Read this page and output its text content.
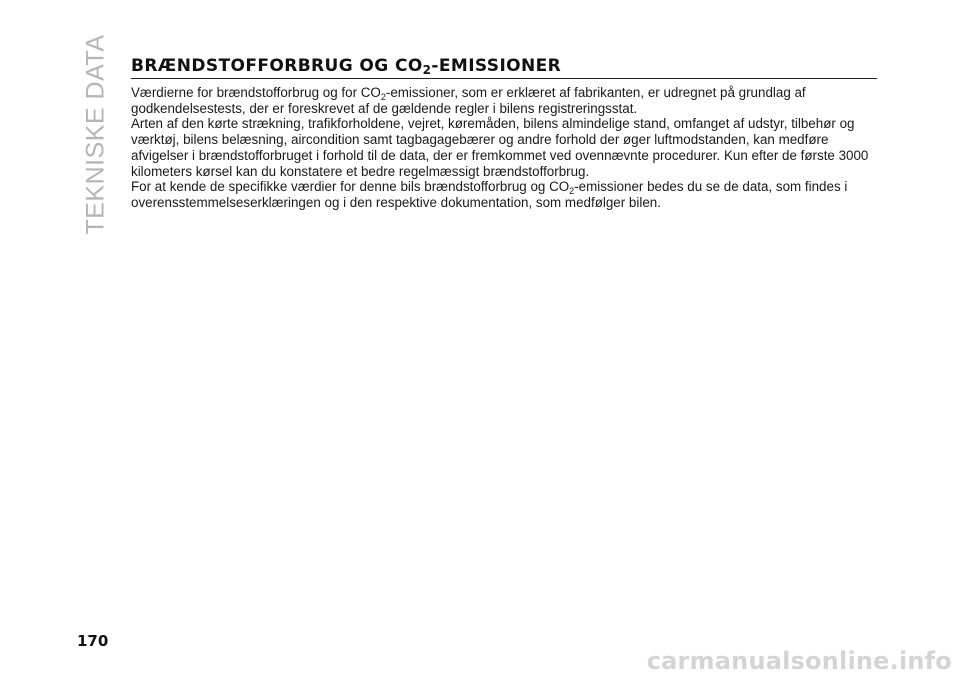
TEKNISKE DATA BRÆNDSTOFFORBRUG OG $CO_2$-EMISSIONER

Værdierne for brændstofforbrug og for $CO_2$-emissioner, som er erklæret af fabrikanten, er udregnet på grundlag af godkendelsestests, der er foreskrevet af de gældende regler i bilens registreringsstat.

Arten af den kørte strækning, trafikforholdene, vejret, køremåden, bilens almindelige stand, omfanget af udstyr, tilbehør og værktøj, bilens belæsning, aircondition samt tagbagagebærer og andre forhold der øger luftmodstanden, kan medføre afvigelser i brændstofforbruget i forhold til de data, der er fremkommet ved ovennævnte procedurer. Kun efter de første 3000 kilometers kørsel kan du konstatere et bedre regelmæssigt brændstofforbrug.

For at kende de specifikke værdier for denne bils brændstofforbrug og $CO_2$-emissioner bedes du se de data, som findes i overensstemmelseserklæringen og i den respektive dokumentation, som medfølger bilen.

170
carmanualsonline.info
